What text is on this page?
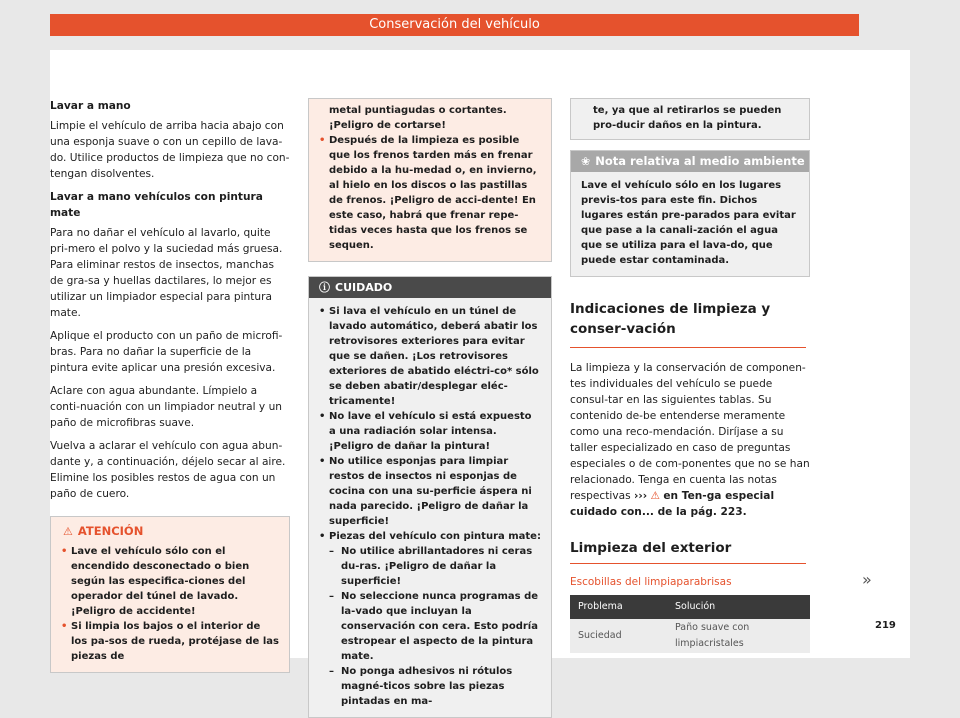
Conservación del vehículo
Lavar a mano

Limpie el vehículo de arriba hacia abajo con una esponja suave o con un cepillo de lava-do. Utilice productos de limpieza que no con-tengan disolventes.

Lavar a mano vehículos con pintura mate

Para no dañar el vehículo al lavarlo, quite pri-mero el polvo y la suciedad más gruesa. Para eliminar restos de insectos, manchas de gra-sa y huellas dactilares, lo mejor es utilizar un limpiador especial para pintura mate.

Aplique el producto con un paño de microfi-bras. Para no dañar la superficie de la pintura evite aplicar una presión excesiva.

Aclare con agua abundante. Límpielo a conti-nuación con un limpiador neutral y un paño de microfibras suave.

Vuelva a aclarar el vehículo con agua abun-dante y, a continuación, déjelo secar al aire. Elimine los posibles restos de agua con un paño de cuero.

⚠ ATENCIÓN
• Lave el vehículo sólo con el encendido desconectado o bien según las especifica-ciones del operador del túnel de lavado. ¡Peligro de accidente!
• Si limpia los bajos o el interior de los pa-sos de rueda, protéjase de las piezas de
metal puntiagudas o cortantes. ¡Peligro de cortarse!
• Después de la limpieza es posible que los frenos tarden más en frenar debido a la hu-medad o, en invierno, al hielo en los discos o las pastillas de frenos. ¡Peligro de acci-dente! En este caso, habrá que frenar repe-tidas veces hasta que los frenos se sequen.
ⓘ CUIDADO
• Si lava el vehículo en un túnel de lavado automático, deberá abatir los retrovisores exteriores para evitar que se dañen. ¡Los retrovisores exteriores de abatido eléctri-co* sólo se deben abatir/desplegar eléc-tricamente!
• No lave el vehículo si está expuesto a una radiación solar intensa. ¡Peligro de dañar la pintura!
• No utilice esponjas para limpiar restos de insectos ni esponjas de cocina con una su-perficie áspera ni nada parecido. ¡Peligro de dañar la superficie!
• Piezas del vehículo con pintura mate:
– No utilice abrillantadores ni ceras du-ras. ¡Peligro de dañar la superficie!
– No seleccione nunca programas de la-vado que incluyan la conservación con cera. Esto podría estropear el aspecto de la pintura mate.
– No ponga adhesivos ni rótulos magné-ticos sobre las piezas pintadas en ma-
te, ya que al retirarlos se pueden pro-ducir daños en la pintura.
❀ Nota relativa al medio ambiente
Lave el vehículo sólo en los lugares previs-tos para este fin. Dichos lugares están pre-parados para evitar que pase a la canali-zación el agua que se utiliza para el lava-do, que puede estar contaminada.
Indicaciones de limpieza y conser-vación

La limpieza y la conservación de componen-tes individuales del vehículo se puede consul-tar en las siguientes tablas. Su contenido de-be entenderse meramente como una reco-mendación. Diríjase a su taller especializado en caso de preguntas especiales o de com-ponentes que no se han relacionado. Tenga en cuenta las notas respectivas ››› ⚠ en Ten-ga especial cuidado con... de la pág. 223.

Limpieza del exterior
Escobillas del limpiaparabrisas
Problema	Solución
Suciedad	Paño suave con limpiacristales
»
219
